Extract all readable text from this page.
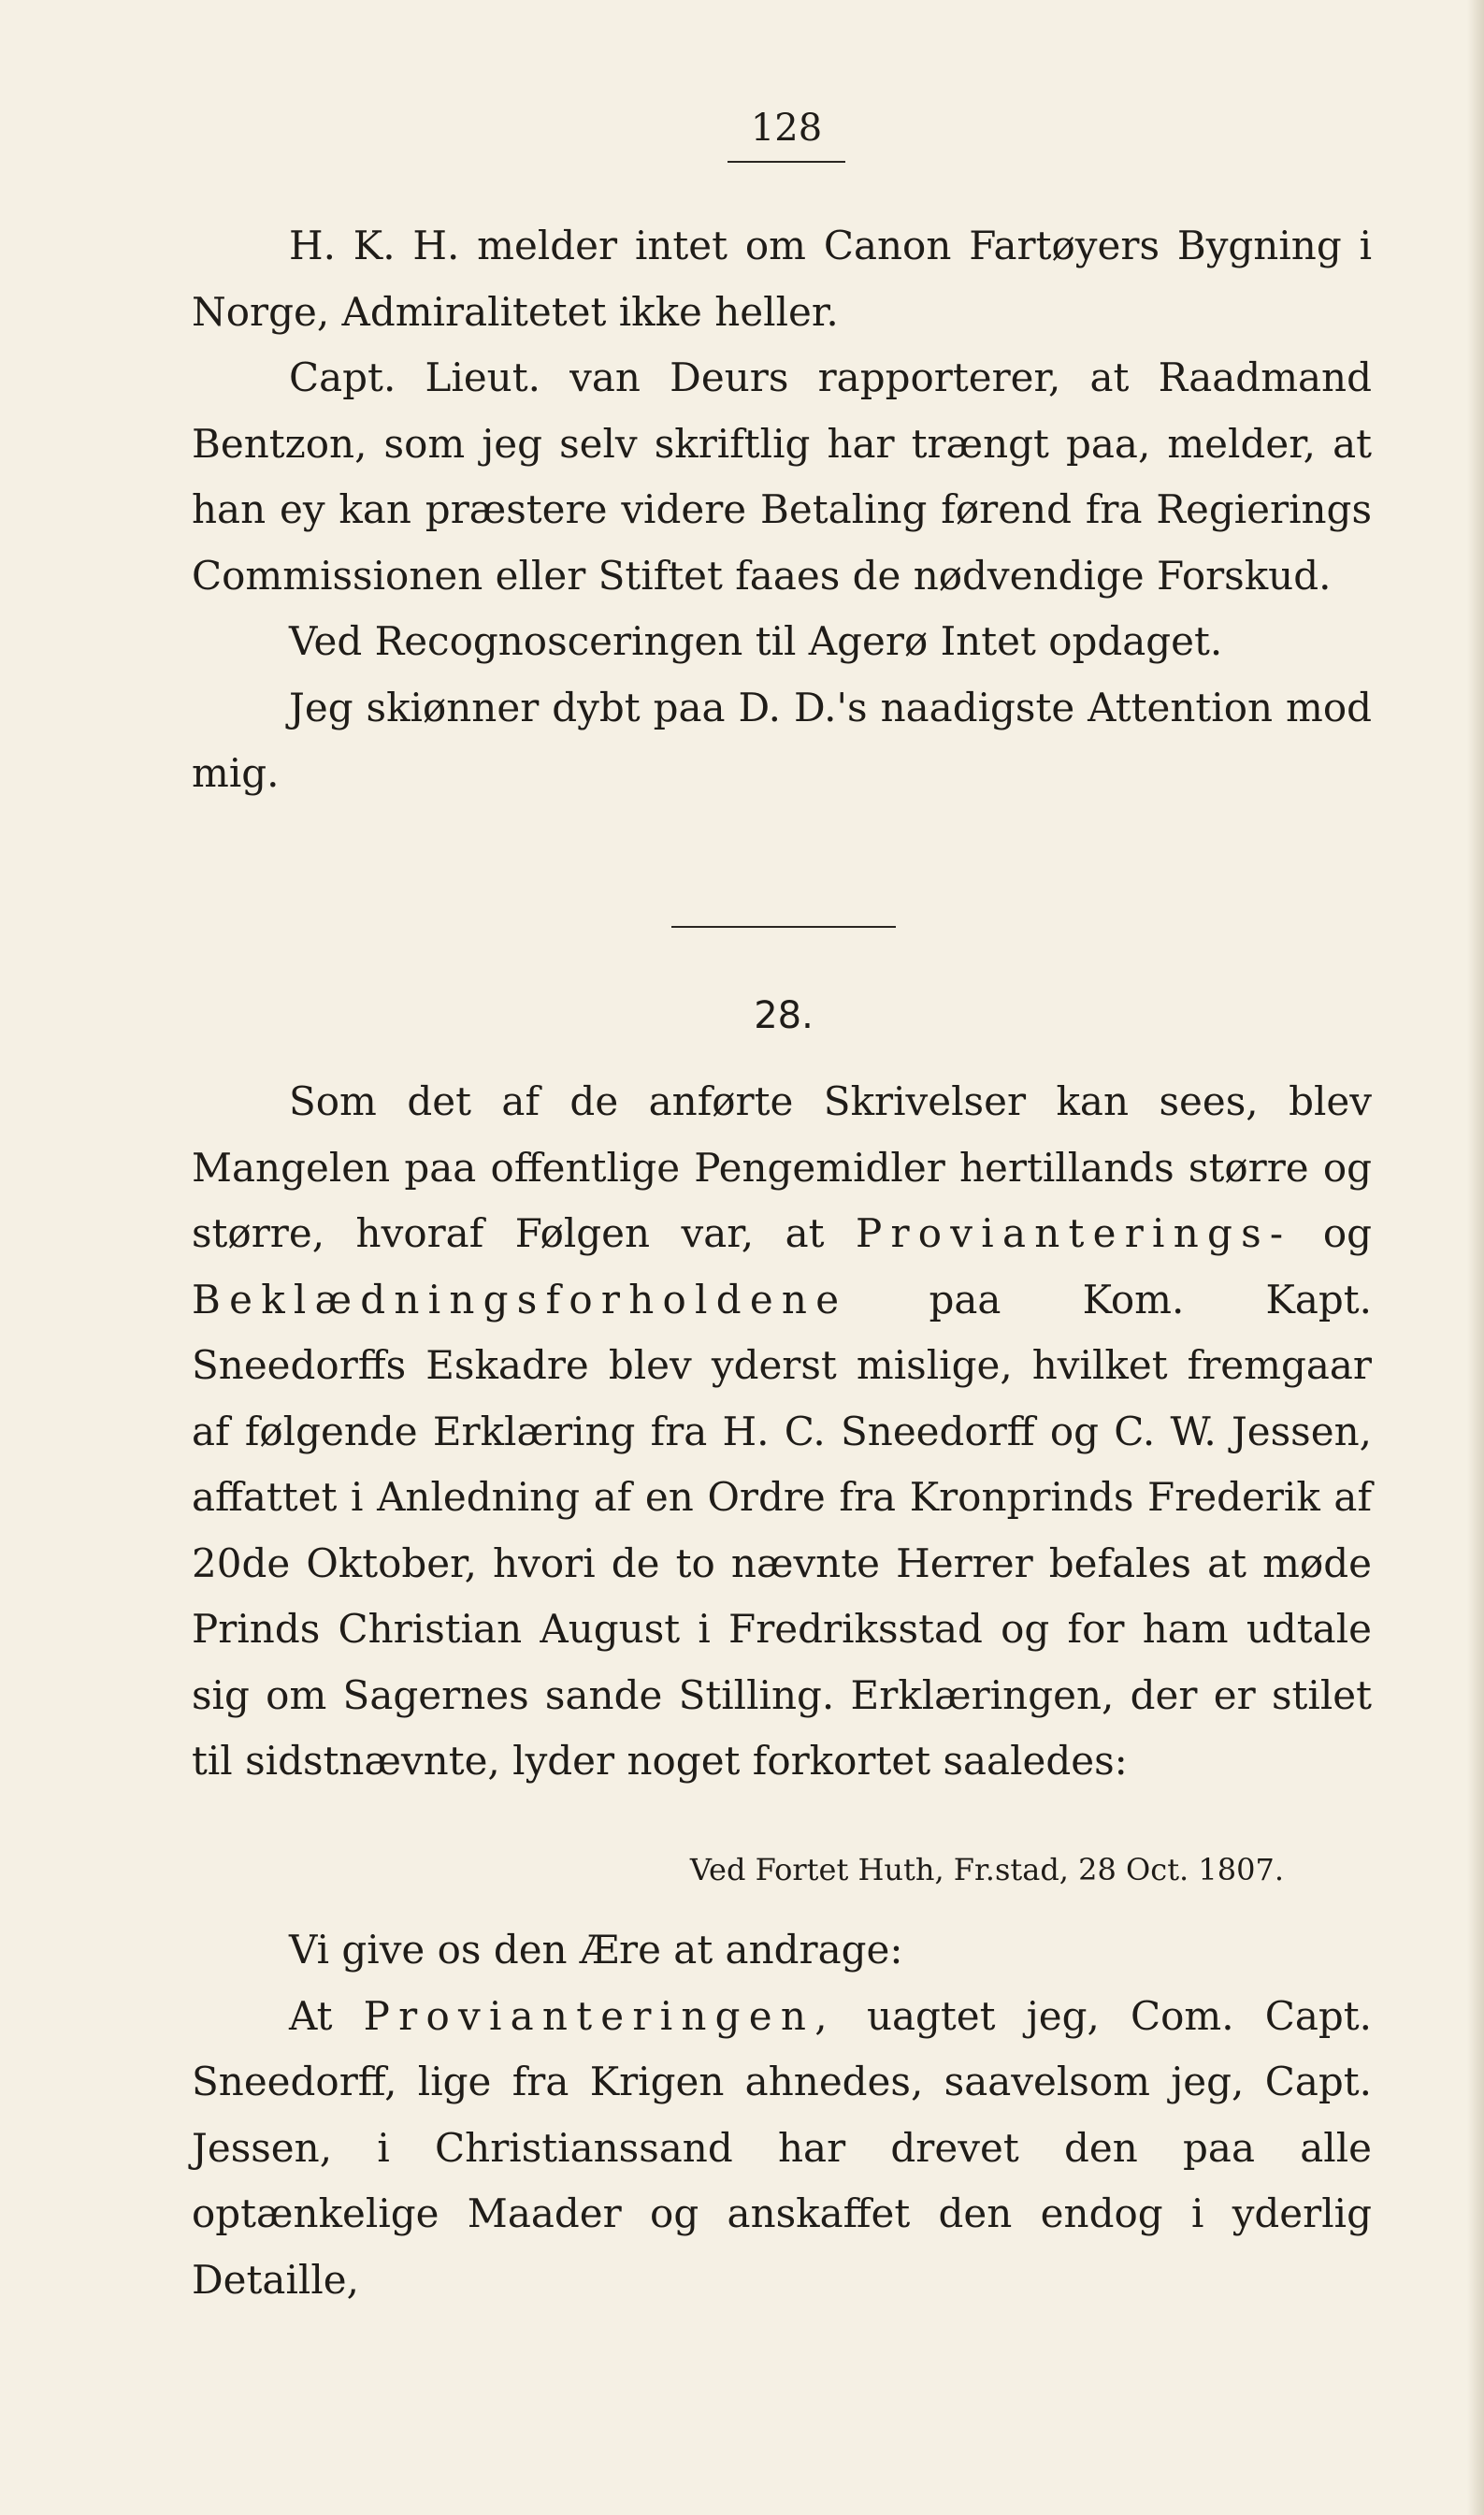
128

H. K. H. melder intet om Canon Fartøyers Bygning i Norge, Admiralitetet ikke heller.

Capt. Lieut. van Deurs rapporterer, at Raadmand Bentzon, som jeg selv skriftlig har trængt paa, melder, at han ey kan præstere videre Betaling førend fra Regierings Commissionen eller Stiftet faaes de nødvendige Forskud.

Ved Recognosceringen til Agerø Intet opdaget.

Jeg skiønner dybt paa D. D.'s naadigste Attention mod mig.

28.

Som det af de anførte Skrivelser kan sees, blev Mangelen paa offentlige Pengemidler hertillands større og større, hvoraf Følgen var, at Provianterings- og Beklædningsforholdene paa Kom. Kapt. Sneedorffs Eskadre blev yderst mislige, hvilket fremgaar af følgende Erklæring fra H. C. Sneedorff og C. W. Jessen, affattet i Anledning af en Ordre fra Kronprinds Frederik af 20de Oktober, hvori de to nævnte Herrer befales at møde Prinds Christian August i Fredriksstad og for ham udtale sig om Sagernes sande Stilling. Erklæringen, der er stilet til sidstnævnte, lyder noget forkortet saaledes:

Ved Fortet Huth, Fr.stad, 28 Oct. 1807.

Vi give os den Ære at andrage:

At Provianteringen, uagtet jeg, Com. Capt. Sneedorff, lige fra Krigen ahnedes, saavelsom jeg, Capt. Jessen, i Christianssand har drevet den paa alle optænkelige Maader og anskaffet den endog i yderlig Detaille,
